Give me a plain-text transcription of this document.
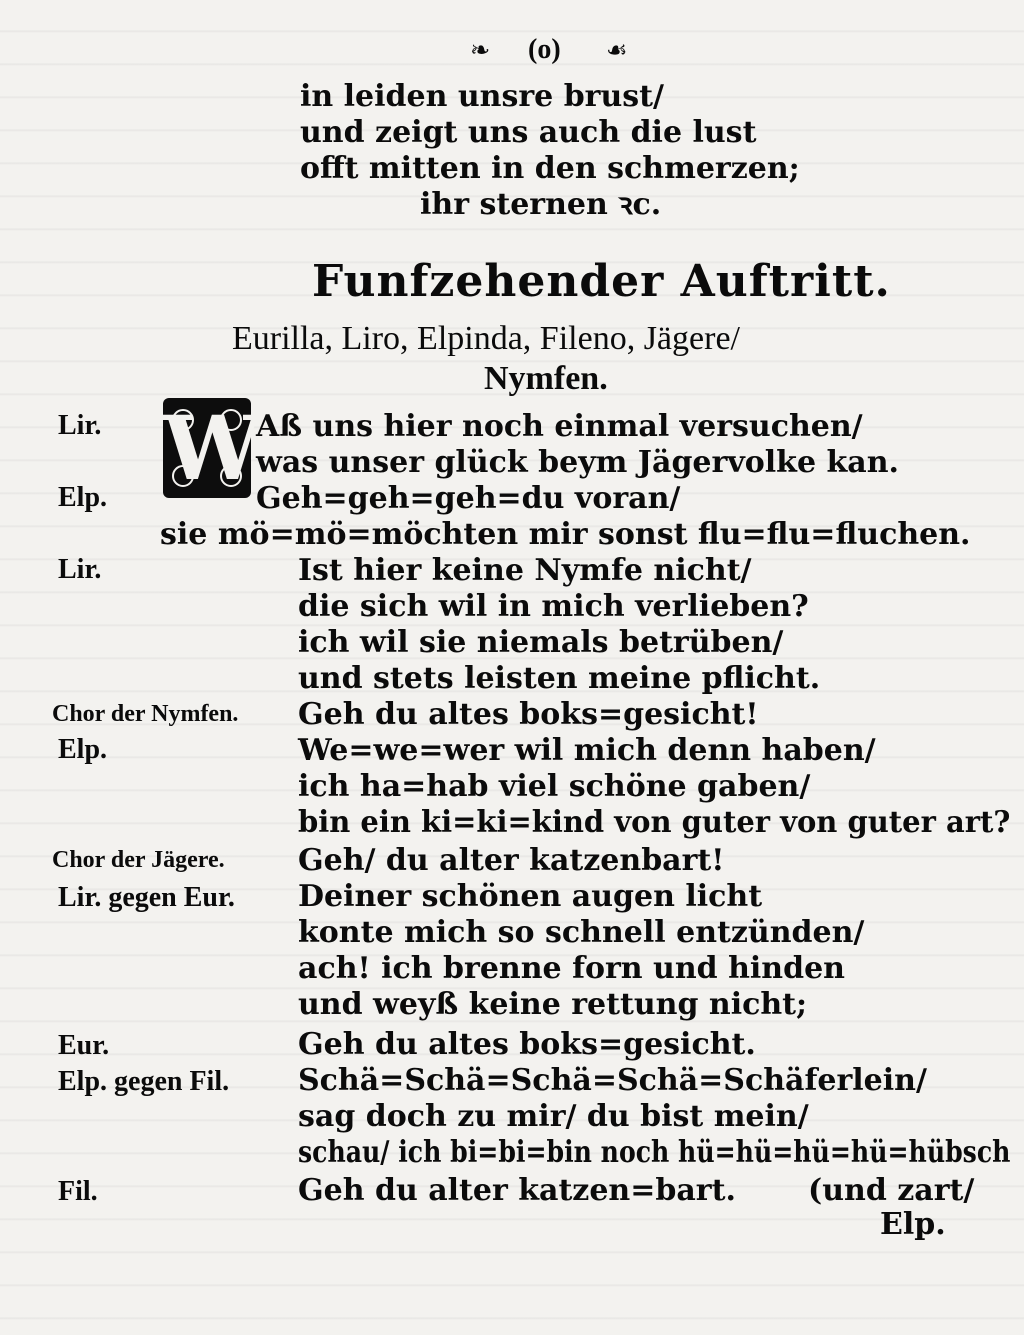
❧ (o) ☙
in leiden unsre brust/
und zeigt uns auch die lust
offt mitten in den schmerzen;
ihr sternen ꝛc.
Funfzehender Auftritt.
Eurilla, Liro, Elpinda, Fileno, Jägere/
Nymfen.
W
Lir.
Elp.
Lir.
Chor der Nymfen.
Elp.
Chor der Jägere.
Lir. gegen Eur.
Eur.
Elp. gegen Fil.
Fil.
Aß uns hier noch einmal versuchen/
was unser glück beym Jägervolke kan.
Geh=geh=geh=du voran/
sie mö=mö=möchten mir sonst flu=flu=fluchen.
Ist hier keine Nymfe nicht/
die sich wil in mich verlieben?
ich wil sie niemals betrüben/
und stets leisten meine pflicht.
Geh du altes boks=gesicht!
We=we=wer wil mich denn haben/
ich ha=hab viel schöne gaben/
bin ein ki=ki=kind von guter von guter art?
Geh/ du alter katzenbart!
Deiner schönen augen licht
konte mich so schnell entzünden/
ach! ich brenne forn und hinden
und weyß keine rettung nicht;
Geh du altes boks=gesicht.
Schä=Schä=Schä=Schä=Schäferlein/
sag doch zu mir/ du bist mein/
schau/ ich bi=bi=bin noch hü=hü=hü=hü=hübsch
Geh du alter katzen=bart. (und zart/
Elp.
